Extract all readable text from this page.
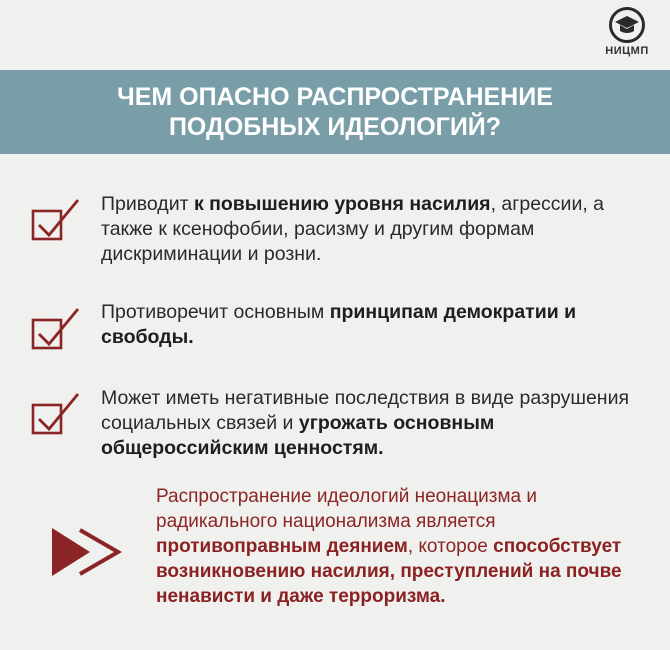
НИЦМП
ЧЕМ ОПАСНО РАСПРОСТРАНЕНИЕ
ПОДОБНЫХ ИДЕОЛОГИЙ?
Приводит к повышению уровня насилия, агрессии, а также к ксенофобии, расизму и другим формам дискриминации и розни.
Противоречит основным принципам демократии и свободы.
Может иметь негативные последствия в виде разрушения социальных связей и угрожать основным общероссийским ценностям.
Распространение идеологий неонацизма и радикального национализма является противоправным деянием, которое способствует возникновению насилия, преступлений на почве ненависти и даже терроризма.
